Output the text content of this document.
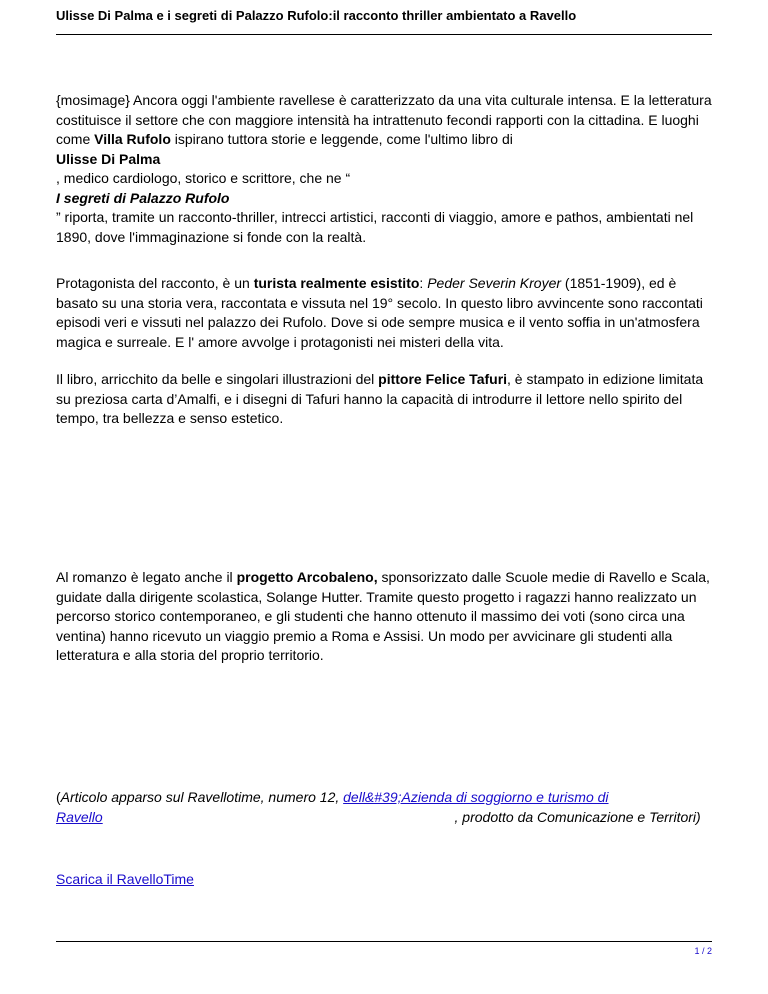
Ulisse Di Palma e i segreti di Palazzo Rufolo:il racconto thriller ambientato a Ravello
{mosimage} Ancora oggi l'ambiente ravellese è caratterizzato da una vita culturale intensa. E la letteratura costituisce il settore che con maggiore intensità ha intrattenuto fecondi rapporti con la cittadina. E luoghi come Villa Rufolo ispirano tuttora storie e leggende, come l'ultimo libro di
Ulisse Di Palma
, medico cardiologo, storico e scrittore, che ne “
I segreti di Palazzo Rufolo
” riporta, tramite un racconto-thriller, intrecci artistici, racconti di viaggio, amore e pathos, ambientati nel 1890, dove l'immaginazione si fonde con la realtà.
Protagonista del racconto, è un turista realmente esistito: Peder Severin Kroyer (1851-1909), ed è basato su una storia vera, raccontata e vissuta nel 19° secolo. In questo libro avvincente sono raccontati episodi veri e vissuti nel palazzo dei Rufolo. Dove si ode sempre musica e il vento soffia in un'atmosfera magica e surreale. E l' amore avvolge i protagonisti nei misteri della vita.
Il libro, arricchito da belle e singolari illustrazioni del pittore Felice Tafuri, è stampato in edizione limitata su preziosa carta d’Amalfi, e i disegni di Tafuri hanno la capacità di introdurre il lettore nello spirito del tempo, tra bellezza e senso estetico.
Al romanzo è legato anche il progetto Arcobaleno, sponsorizzato dalle Scuole medie di Ravello e Scala, guidate dalla dirigente scolastica, Solange Hutter. Tramite questo progetto i ragazzi hanno realizzato un percorso storico contemporaneo, e gli studenti che hanno ottenuto il massimo dei voti (sono circa una ventina) hanno ricevuto un viaggio premio a Roma e Assisi. Un modo per avvicinare gli studenti alla letteratura e alla storia del proprio territorio.
(Articolo apparso sul Ravellotime, numero 12, dell&#39;Azienda di soggiorno e turismo di
Ravello	, prodotto da Comunicazione e Territori)
Scarica il RavelloTime
1 / 2
